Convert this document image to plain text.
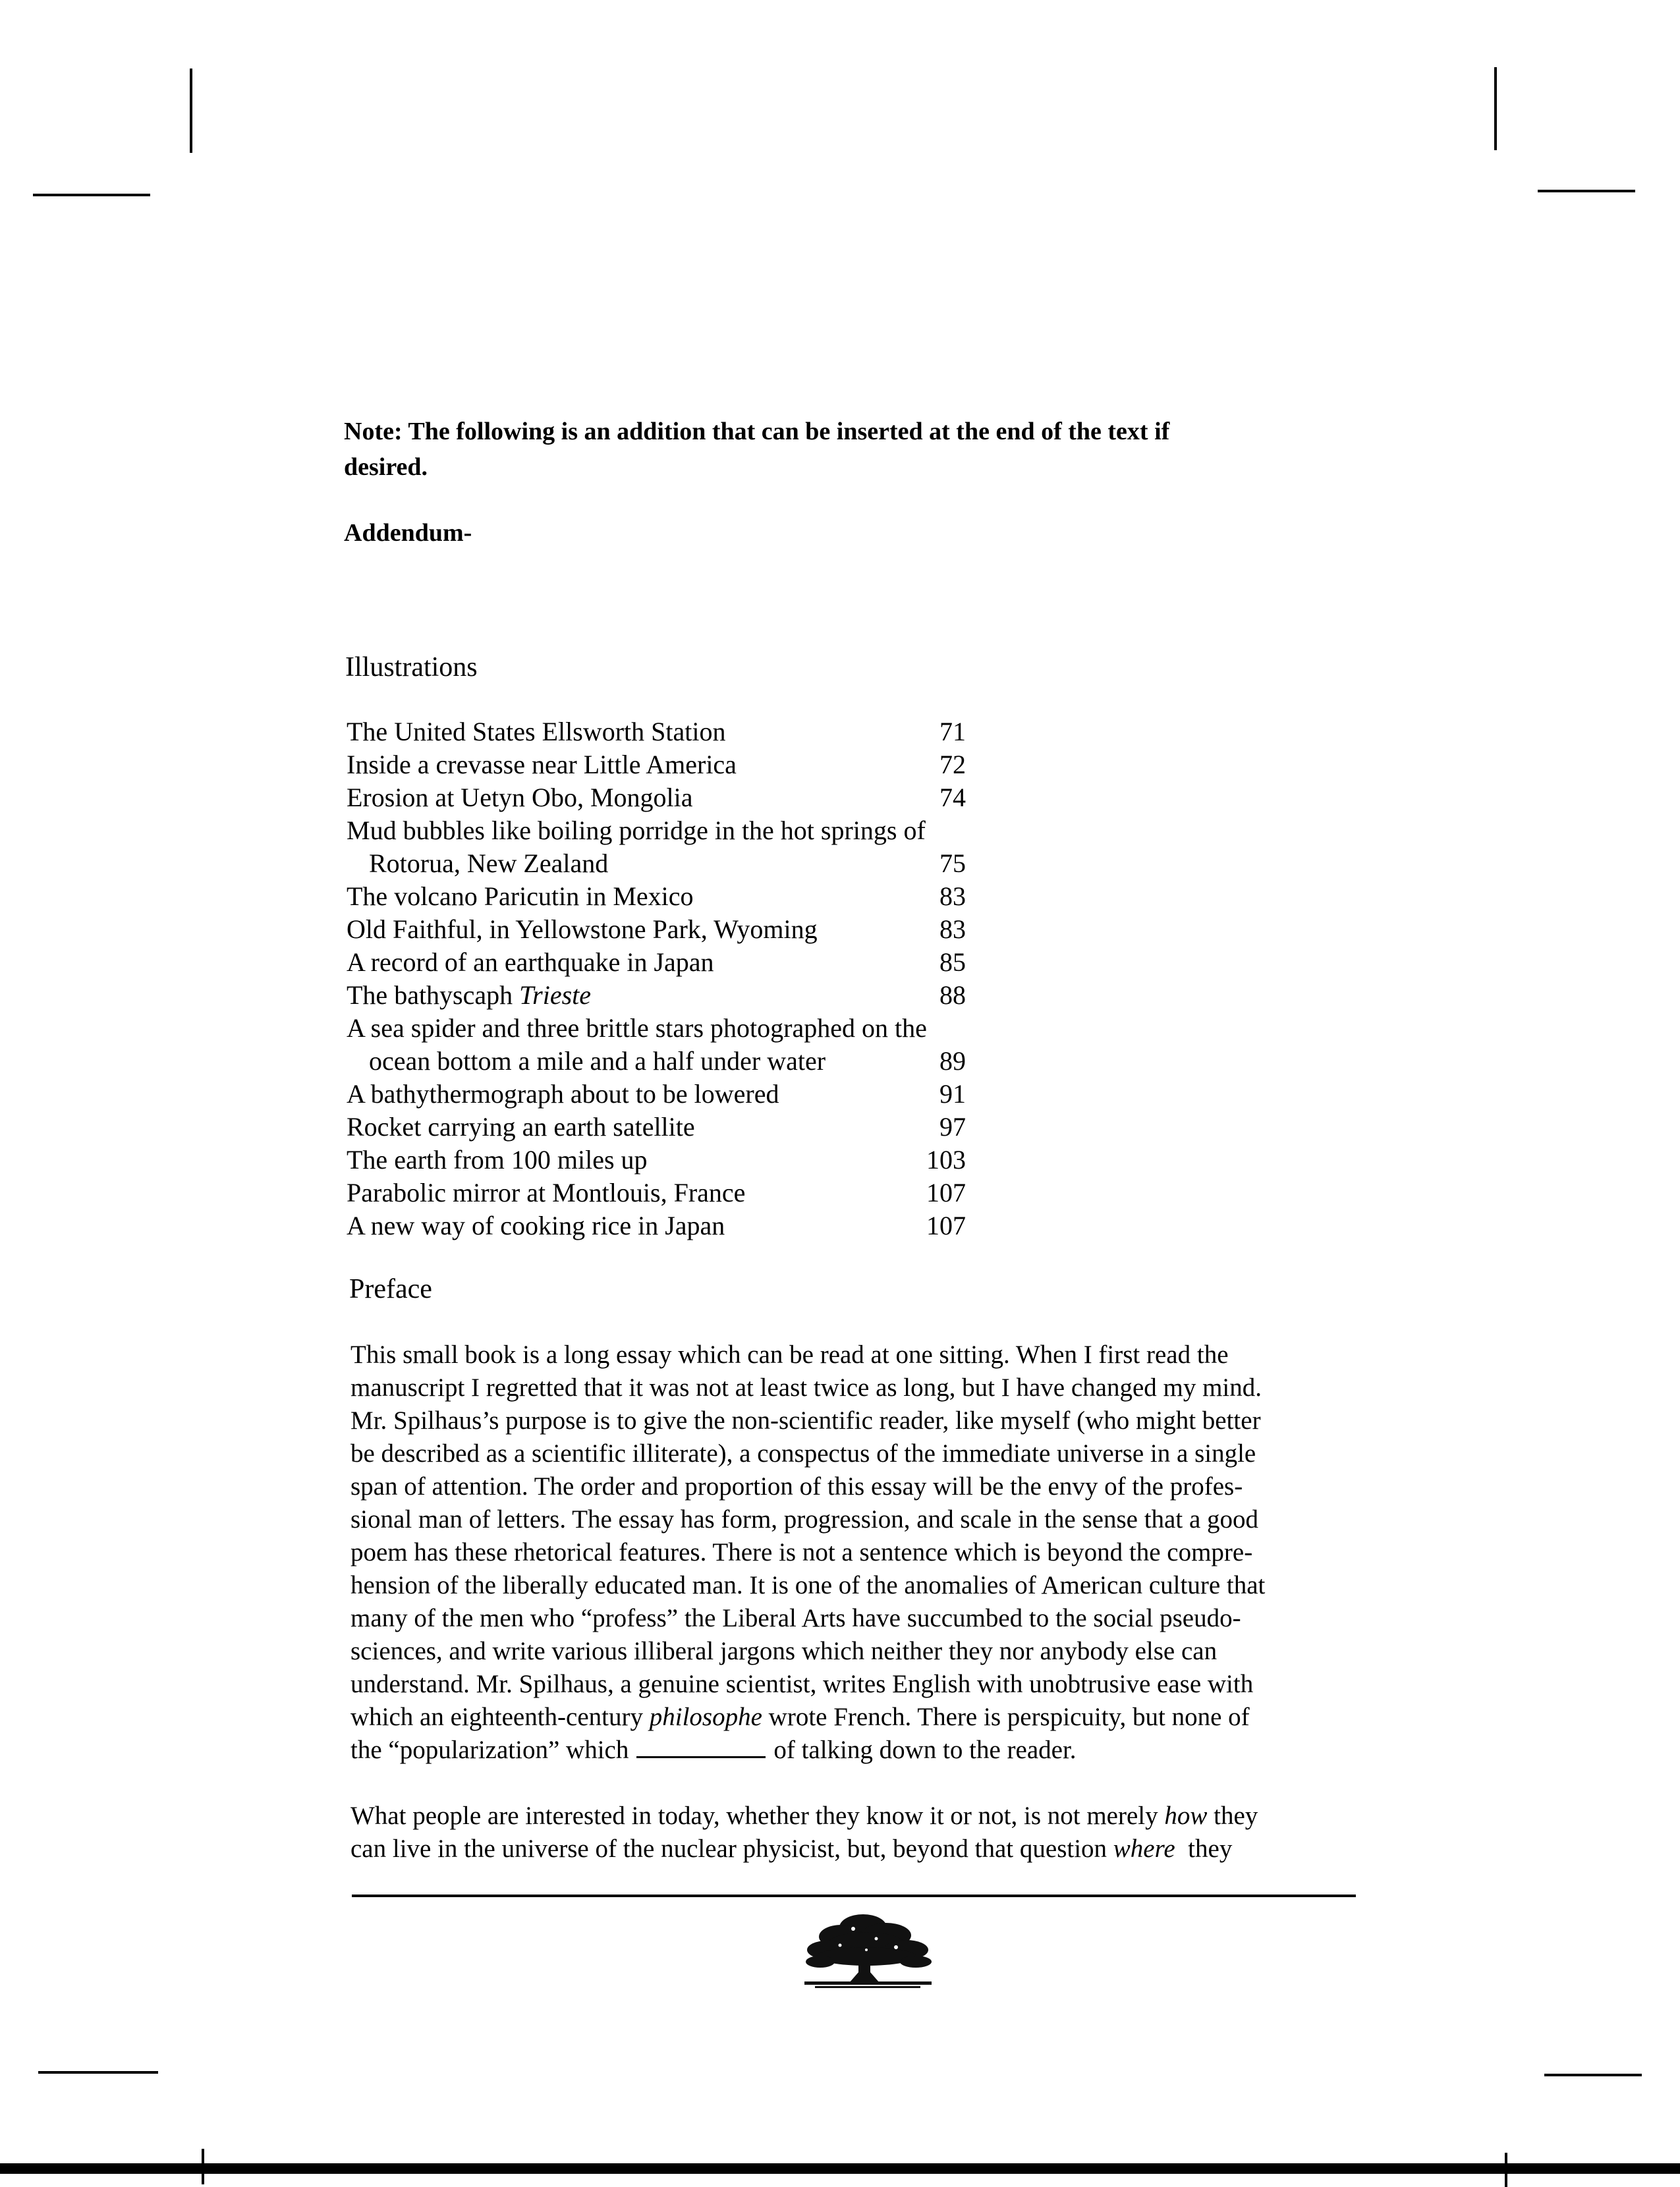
Note: The following is an addition that can be inserted at the end of the text if
desired.
Addendum-
Illustrations
The United States Ellsworth Station	71
Inside a crevasse near Little America	72
Erosion at Uetyn Obo, Mongolia	74
Mud bubbles like boiling porridge in the hot springs of
Rotorua, New Zealand	75
The volcano Paricutin in Mexico	83
Old Faithful, in Yellowstone Park, Wyoming	83
A record of an earthquake in Japan	85
The bathyscaph Trieste	88
A sea spider and three brittle stars photographed on the
ocean bottom a mile and a half under water	89
A bathythermograph about to be lowered	91
Rocket carrying an earth satellite	97
The earth from 100 miles up	103
Parabolic mirror at Montlouis, France	107
A new way of cooking rice in Japan	107
Preface
This small book is a long essay which can be read at one sitting. When I first read the
manuscript I regretted that it was not at least twice as long, but I have changed my mind.
Mr. Spilhaus’s purpose is to give the non-scientific reader, like myself (who might better
be described as a scientific illiterate), a conspectus of the immediate universe in a single
span of attention. The order and proportion of this essay will be the envy of the profes-
sional man of letters. The essay has form, progression, and scale in the sense that a good
poem has these rhetorical features. There is not a sentence which is beyond the compre-
hension of the liberally educated man. It is one of the anomalies of American culture that
many of the men who “profess” the Liberal Arts have succumbed to the social pseudo-
sciences, and write various illiberal jargons which neither they nor anybody else can
understand. Mr. Spilhaus, a genuine scientist, writes English with unobtrusive ease with
which an eighteenth-century philosophe wrote French. There is perspicuity, but none of
the “popularization” which	of talking down to the reader.
What people are interested in today, whether they know it or not, is not merely how they
can live in the universe of the nuclear physicist, but, beyond that question where  they
